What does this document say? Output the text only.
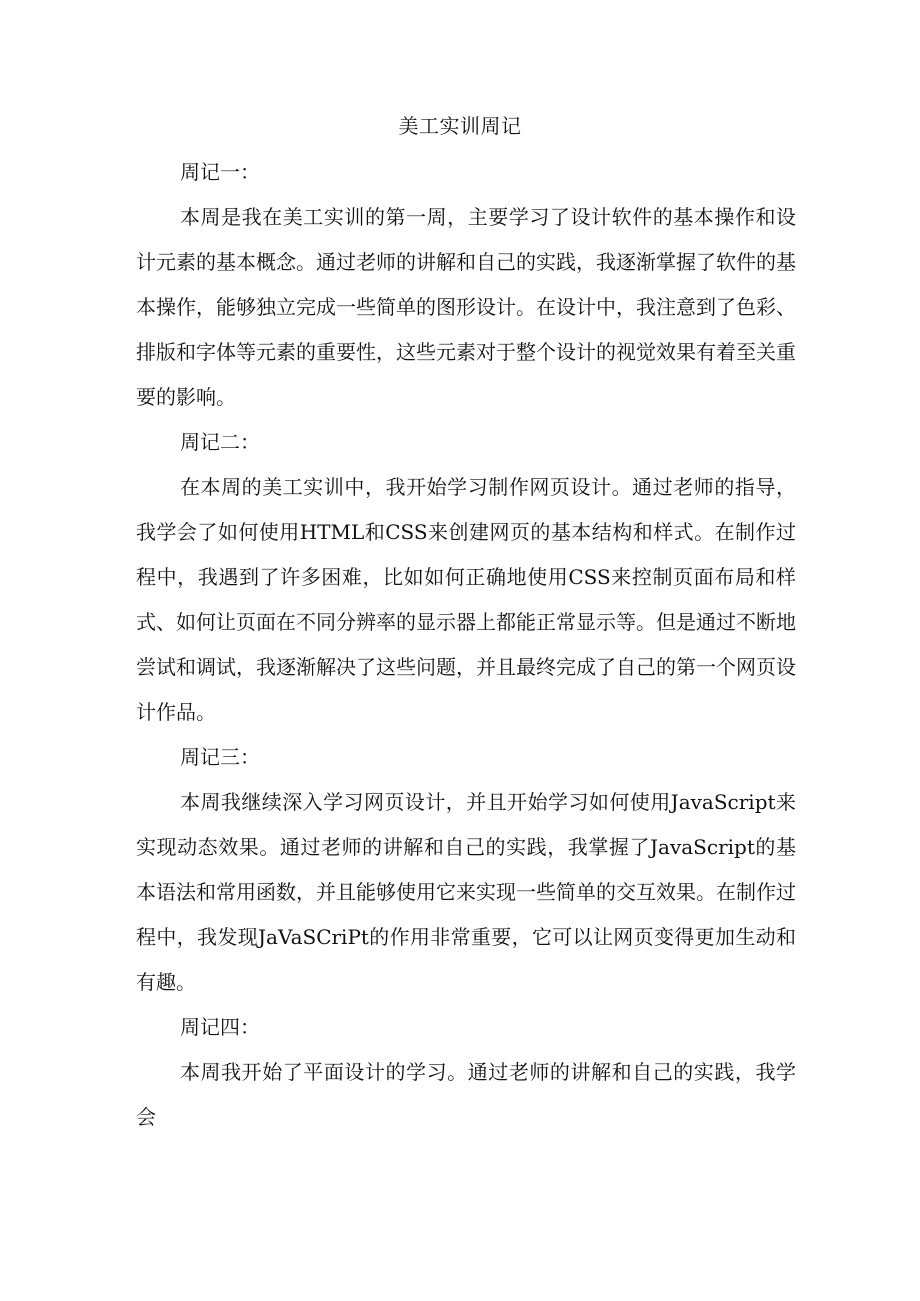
美工实训周记

周记一：

本周是我在美工实训的第一周，主要学习了设计软件的基本操作和设计元素的基本概念。通过老师的讲解和自己的实践，我逐渐掌握了软件的基本操作，能够独立完成一些简单的图形设计。在设计中，我注意到了色彩、排版和字体等元素的重要性，这些元素对于整个设计的视觉效果有着至关重要的影响。

周记二：

在本周的美工实训中，我开始学习制作网页设计。通过老师的指导，我学会了如何使用HTML和CSS来创建网页的基本结构和样式。在制作过程中，我遇到了许多困难，比如如何正确地使用CSS来控制页面布局和样式、如何让页面在不同分辨率的显示器上都能正常显示等。但是通过不断地尝试和调试，我逐渐解决了这些问题，并且最终完成了自己的第一个网页设计作品。

周记三：

本周我继续深入学习网页设计，并且开始学习如何使用JavaScript来实现动态效果。通过老师的讲解和自己的实践，我掌握了JavaScript的基本语法和常用函数，并且能够使用它来实现一些简单的交互效果。在制作过程中，我发现JaVaSCriPt的作用非常重要，它可以让网页变得更加生动和有趣。

周记四：

本周我开始了平面设计的学习。通过老师的讲解和自己的实践，我学会
